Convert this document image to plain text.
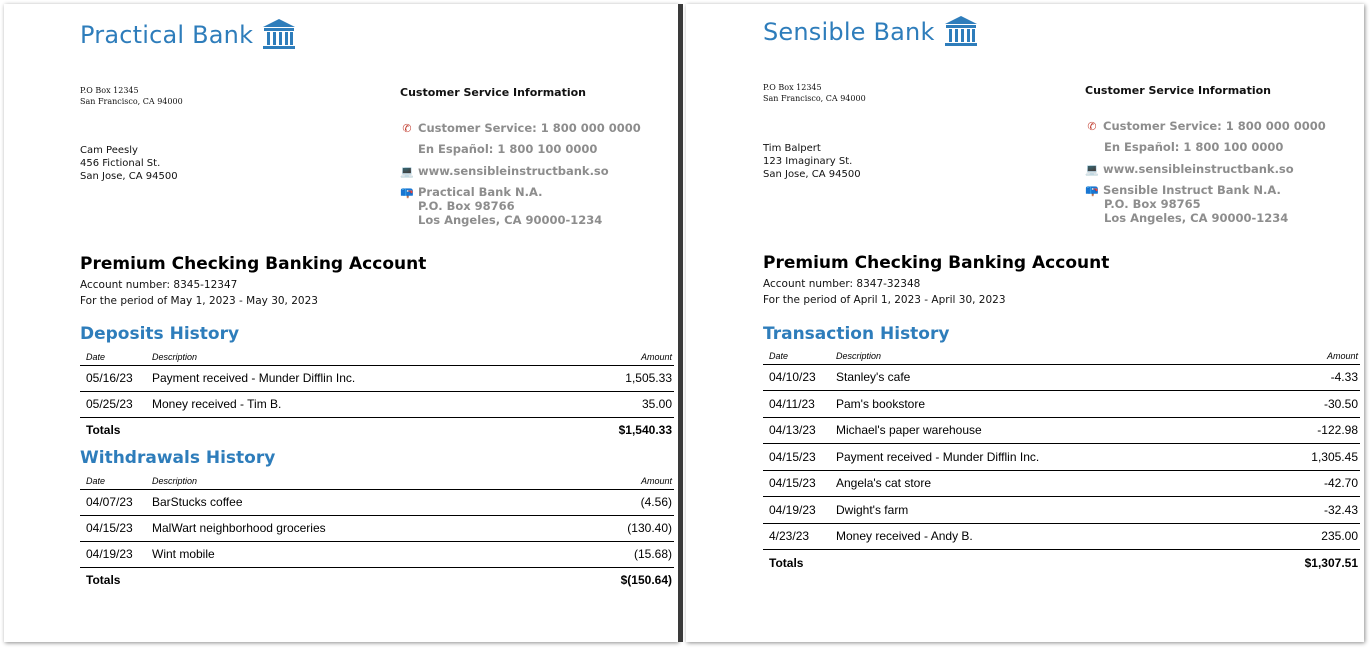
Practical Bank
P.O Box 12345
San Francisco, CA 94000
Cam Peesly
456 Fictional St.
San Jose, CA 94500
Customer Service Information
✆ Customer Service: 1 800 000 0000
En Español: 1 800 100 0000
💻 www.sensibleinstructbank.so
📪 Practical Bank N.A.
P.O. Box 98766
Los Angeles, CA 90000-1234
Premium Checking Banking Account
Account number: 8345-12347
For the period of May 1, 2023 - May 30, 2023
Deposits History
Date	Description	Amount
05/16/23	Payment received - Munder Difflin Inc.	1,505.33
05/25/23	Money received - Tim B.	35.00
Totals		$1,540.33
Withdrawals History
Date	Description	Amount
04/07/23	BarStucks coffee	(4.56)
04/15/23	MalWart neighborhood groceries	(130.40)
04/19/23	Wint mobile	(15.68)
Totals		$(150.64)
Sensible Bank
P.O Box 12345
San Francisco, CA 94000
Tim Balpert
123 Imaginary St.
San Jose, CA 94500
Customer Service Information
✆ Customer Service: 1 800 000 0000
En Español: 1 800 100 0000
💻 www.sensibleinstructbank.so
📪 Sensible Instruct Bank N.A.
P.O. Box 98765
Los Angeles, CA 90000-1234
Premium Checking Banking Account
Account number: 8347-32348
For the period of April 1, 2023 - April 30, 2023
Transaction History
Date	Description	Amount
04/10/23	Stanley's cafe	-4.33
04/11/23	Pam's bookstore	-30.50
04/13/23	Michael's paper warehouse	-122.98
04/15/23	Payment received - Munder Difflin Inc.	1,305.45
04/15/23	Angela's cat store	-42.70
04/19/23	Dwight's farm	-32.43
4/23/23	Money received - Andy B.	235.00
Totals		$1,307.51
